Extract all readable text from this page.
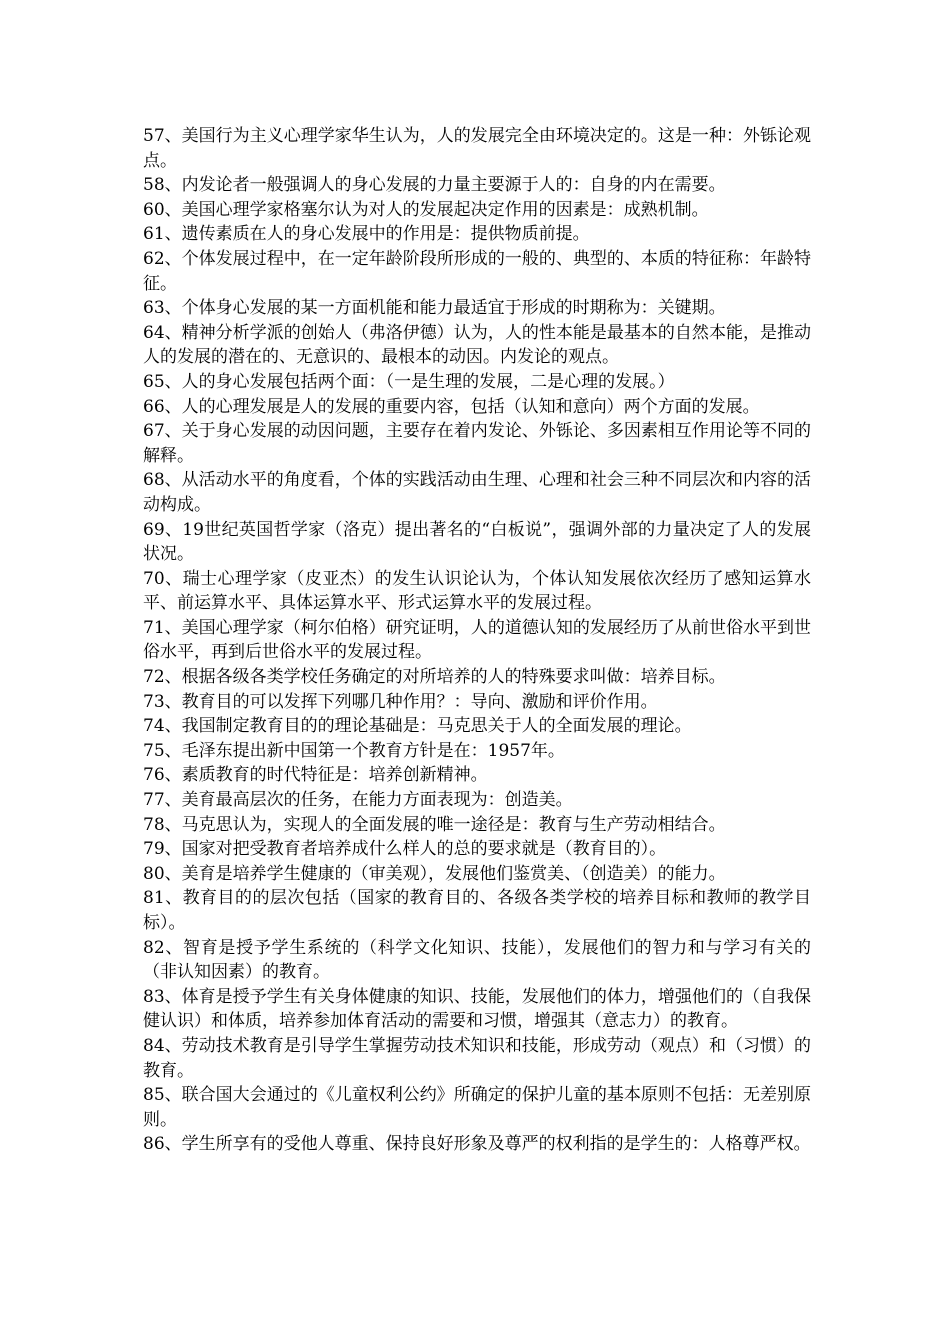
57、美国行为主义心理学家华生认为，人的发展完全由环境决定的。这是一种：外铄论观点。

58、内发论者一般强调人的身心发展的力量主要源于人的：自身的内在需要。

60、美国心理学家格塞尔认为对人的发展起决定作用的因素是：成熟机制。

61、遗传素质在人的身心发展中的作用是：提供物质前提。

62、个体发展过程中，在一定年龄阶段所形成的一般的、典型的、本质的特征称：年龄特征。

63、个体身心发展的某一方面机能和能力最适宜于形成的时期称为：关键期。

64、精神分析学派的创始人（弗洛伊德）认为，人的性本能是最基本的自然本能，是推动人的发展的潜在的、无意识的、最根本的动因。内发论的观点。

65、人的身心发展包括两个面：（一是生理的发展，二是心理的发展。）

66、人的心理发展是人的发展的重要内容，包括（认知和意向）两个方面的发展。

67、关于身心发展的动因问题，主要存在着内发论、外铄论、多因素相互作用论等不同的解释。

68、从活动水平的角度看，个体的实践活动由生理、心理和社会三种不同层次和内容的活动构成。

69、19世纪英国哲学家（洛克）提出著名的“白板说”，强调外部的力量决定了人的发展状况。

70、瑞士心理学家（皮亚杰）的发生认识论认为，个体认知发展依次经历了感知运算水平、前运算水平、具体运算水平、形式运算水平的发展过程。

71、美国心理学家（柯尔伯格）研究证明，人的道德认知的发展经历了从前世俗水平到世俗水平，再到后世俗水平的发展过程。

72、根据各级各类学校任务确定的对所培养的人的特殊要求叫做：培养目标。

73、教育目的可以发挥下列哪几种作用？：导向、激励和评价作用。

74、我国制定教育目的的理论基础是：马克思关于人的全面发展的理论。

75、毛泽东提出新中国第一个教育方针是在：1957年。

76、素质教育的时代特征是：培养创新精神。

77、美育最高层次的任务，在能力方面表现为：创造美。

78、马克思认为，实现人的全面发展的唯一途径是：教育与生产劳动相结合。

79、国家对把受教育者培养成什么样人的总的要求就是（教育目的）。

80、美育是培养学生健康的（审美观），发展他们鉴赏美、（创造美）的能力。

81、教育目的的层次包括（国家的教育目的、各级各类学校的培养目标和教师的教学目标）。

82、智育是授予学生系统的（科学文化知识、技能），发展他们的智力和与学习有关的（非认知因素）的教育。

83、体育是授予学生有关身体健康的知识、技能，发展他们的体力，增强他们的（自我保健认识）和体质，培养参加体育活动的需要和习惯，增强其（意志力）的教育。

84、劳动技术教育是引导学生掌握劳动技术知识和技能，形成劳动（观点）和（习惯）的教育。

85、联合国大会通过的《儿童权利公约》所确定的保护儿童的基本原则不包括：无差别原则。

86、学生所享有的受他人尊重、保持良好形象及尊严的权利指的是学生的：人格尊严权。
